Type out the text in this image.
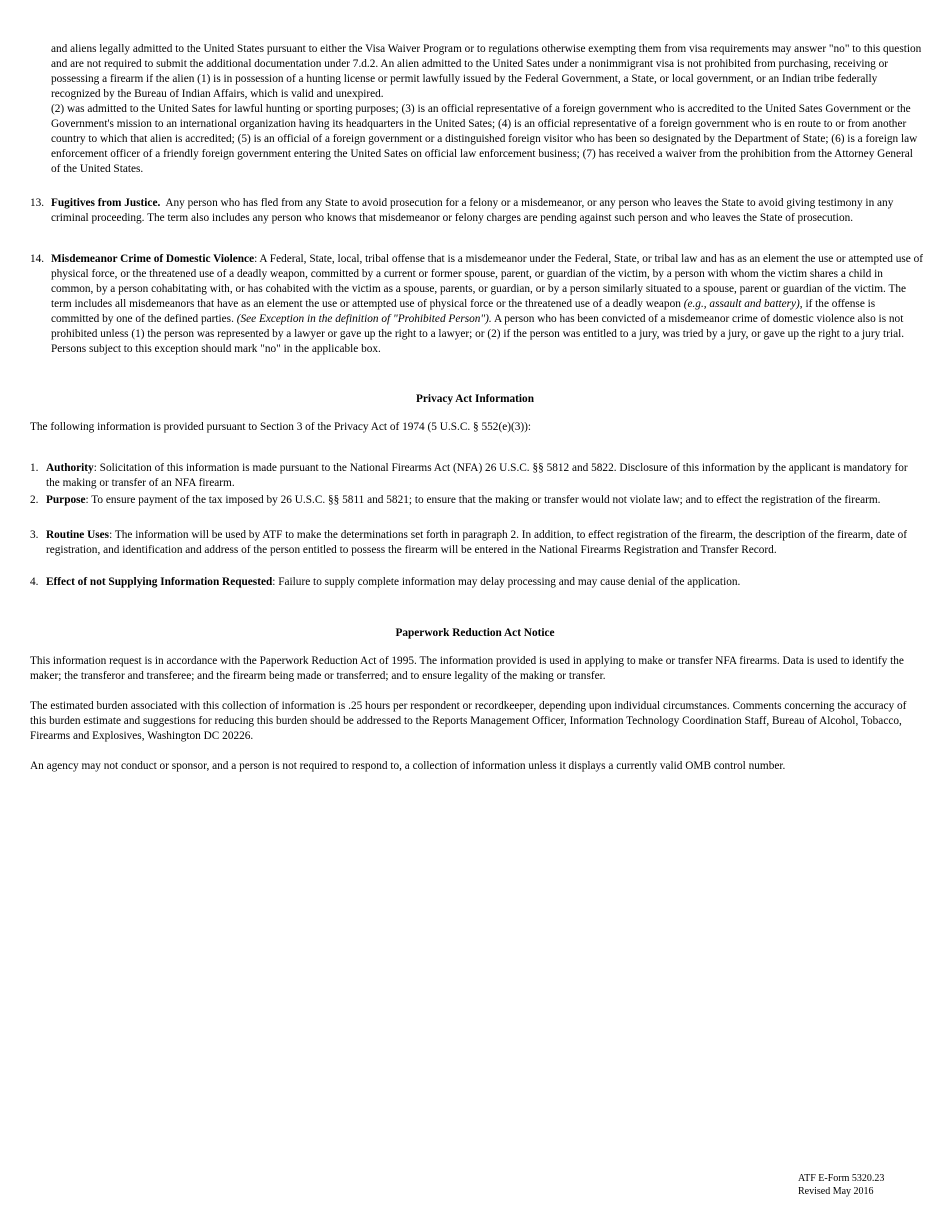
and aliens legally admitted to the United States pursuant to either the Visa Waiver Program or to regulations otherwise exempting them from visa requirements may answer "no" to this question and are not required to submit the additional documentation under 7.d.2. An alien admitted to the United Sates under a nonimmigrant visa is not prohibited from purchasing, receiving or possessing a firearm if the alien (1) is in possession of a hunting license or permit lawfully issued by the Federal Government, a State, or local government, or an Indian tribe federally recognized by the Bureau of Indian Affairs, which is valid and unexpired.

(2) was admitted to the United Sates for lawful hunting or sporting purposes; (3) is an official representative of a foreign government who is accredited to the United Sates Government or the Government's mission to an international organization having its headquarters in the United Sates; (4) is an official representative of a foreign government who is en route to or from another country to which that alien is accredited; (5) is an official of a foreign government or a distinguished foreign visitor who has been so designated by the Department of State; (6) is a foreign law enforcement officer of a friendly foreign government entering the United Sates on official law enforcement business; (7) has received a waiver from the prohibition from the Attorney General of the United States.

13. Fugitives from Justice. Any person who has fled from any State to avoid prosecution for a felony or a misdemeanor, or any person who leaves the State to avoid giving testimony in any criminal proceeding. The term also includes any person who knows that misdemeanor or felony charges are pending against such person and who leaves the State of prosecution.
14. Misdemeanor Crime of Domestic Violence: A Federal, State, local, tribal offense that is a misdemeanor under the Federal, State, or tribal law and has as an element the use or attempted use of physical force, or the threatened use of a deadly weapon, committed by a current or former spouse, parent, or guardian of the victim, by a person with whom the victim shares a child in common, by a person cohabitating with, or has cohabited with the victim as a spouse, parents, or guardian, or by a person similarly situated to a spouse, parent or guardian of the victim. The term includes all misdemeanors that have as an element the use or attempted use of physical force or the threatened use of a deadly weapon (e.g., assault and battery), if the offense is committed by one of the defined parties. (See Exception in the definition of "Prohibited Person"). A person who has been convicted of a misdemeanor crime of domestic violence also is not prohibited unless (1) the person was represented by a lawyer or gave up the right to a lawyer; or (2) if the person was entitled to a jury, was tried by a jury, or gave up the right to a jury trial. Persons subject to this exception should mark "no" in the applicable box.
Privacy Act Information
The following information is provided pursuant to Section 3 of the Privacy Act of 1974 (5 U.S.C. § 552(e)(3)):
1. Authority: Solicitation of this information is made pursuant to the National Firearms Act (NFA) 26 U.S.C. §§ 5812 and 5822. Disclosure of this information by the applicant is mandatory for the making or transfer of an NFA firearm.
2. Purpose: To ensure payment of the tax imposed by 26 U.S.C. §§ 5811 and 5821; to ensure that the making or transfer would not violate law; and to effect the registration of the firearm.
3. Routine Uses: The information will be used by ATF to make the determinations set forth in paragraph 2. In addition, to effect registration of the firearm, the description of the firearm, date of registration, and identification and address of the person entitled to possess the firearm will be entered in the National Firearms Registration and Transfer Record.
4. Effect of not Supplying Information Requested: Failure to supply complete information may delay processing and may cause denial of the application.
Paperwork Reduction Act Notice
This information request is in accordance with the Paperwork Reduction Act of 1995. The information provided is used in applying to make or transfer NFA firearms. Data is used to identify the maker; the transferor and transferee; and the firearm being made or transferred; and to ensure legality of the making or transfer.
The estimated burden associated with this collection of information is .25 hours per respondent or recordkeeper, depending upon individual circumstances. Comments concerning the accuracy of this burden estimate and suggestions for reducing this burden should be addressed to the Reports Management Officer, Information Technology Coordination Staff, Bureau of Alcohol, Tobacco, Firearms and Explosives, Washington DC 20226.
An agency may not conduct or sponsor, and a person is not required to respond to, a collection of information unless it displays a currently valid OMB control number.
ATF E-Form 5320.23
Revised May 2016
